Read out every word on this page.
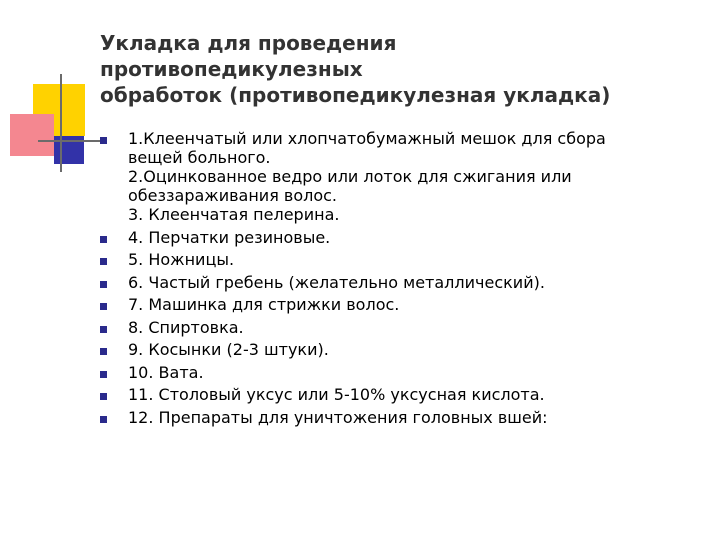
Укладка для проведения
противопедикулезных
обработок (противопедикулезная укладка)
1.Клеенчатый или хлопчатобумажный мешок для сбора
вещей больного.
2.Оцинкованное ведро или лоток для сжигания или
обеззараживания волос.
3. Клеенчатая пелерина.
4. Перчатки резиновые.
5. Ножницы.
6. Частый гребень (желательно металлический).
7. Машинка для стрижки волос.
8. Спиртовка.
9. Косынки (2-3 штуки).
10. Вата.
11. Столовый уксус или 5-10% уксусная кислота.
12. Препараты для уничтожения головных вшей:
